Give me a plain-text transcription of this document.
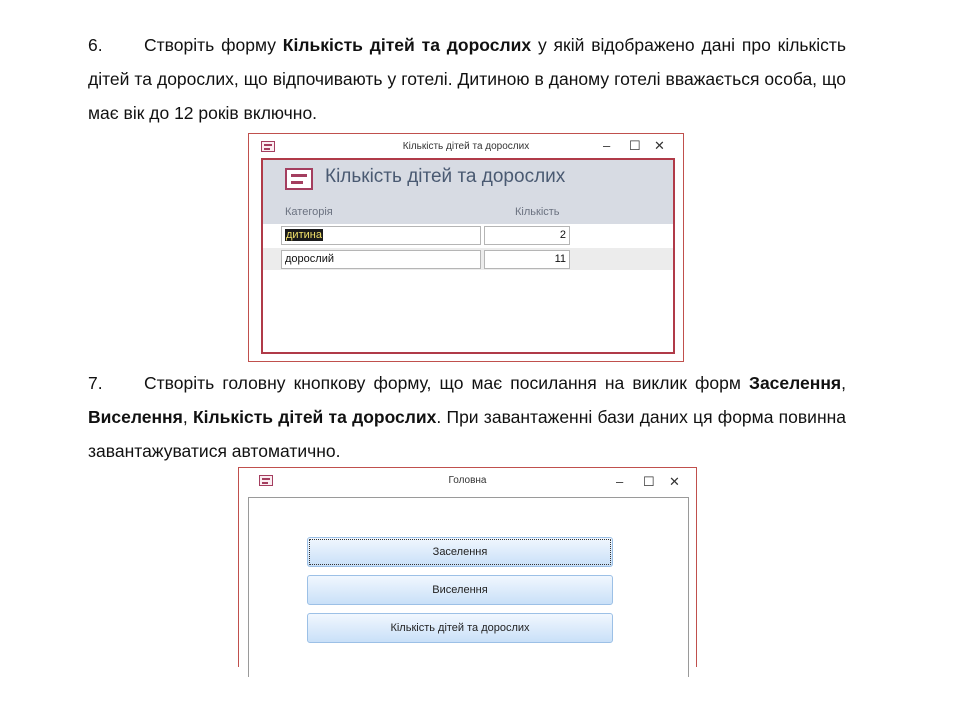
6. Створіть форму Кількість дітей та дорослих у якій відображено дані про кількість дітей та дорослих, що відпочивають у готелі. Дитиною в даному готелі вважається особа, що має вік до 12 років включно.

Кількість дітей та дорослих	– ☐ ✕
Кількість дітей та дорослих
Категорія	Кількість
дитина	2
дорослий	11

7. Створіть головну кнопкову форму, що має посилання на виклик форм Заселення, Виселення, Кількість дітей та дорослих. При завантаженні бази даних ця форма повинна завантажуватися автоматично.

Головна	– ☐ ✕
Заселення
Виселення
Кількість дітей та дорослих
